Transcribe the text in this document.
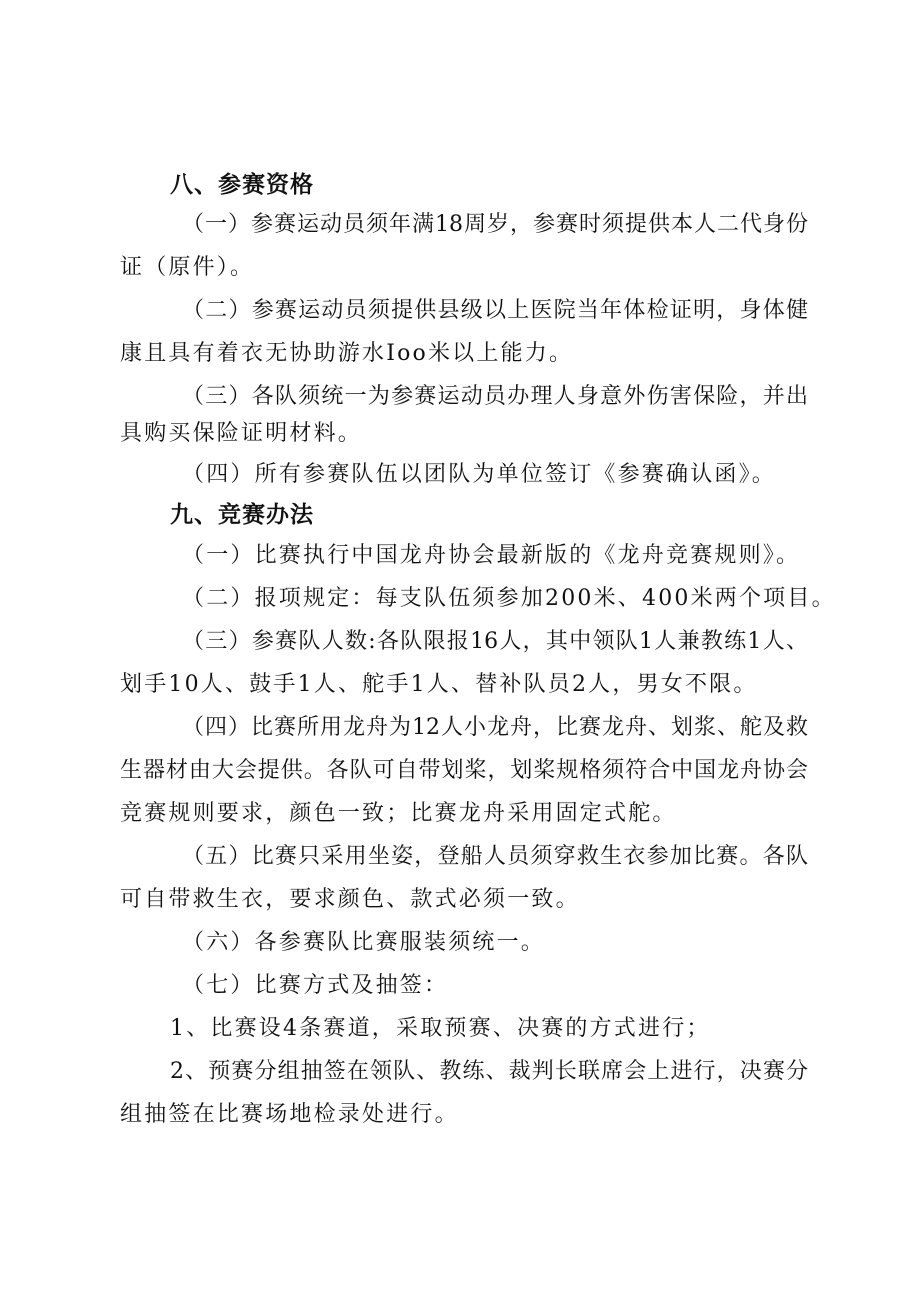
八、参赛资格
（一）参赛运动员须年满18周岁，参赛时须提供本人二代身份
证（原件）。
（二）参赛运动员须提供县级以上医院当年体检证明，身体健
康且具有着衣无协助游水Ioo米以上能力。
（三）各队须统一为参赛运动员办理人身意外伤害保险，并出
具购买保险证明材料。
（四）所有参赛队伍以团队为单位签订《参赛确认函》。
九、竞赛办法
（一）比赛执行中国龙舟协会最新版的《龙舟竞赛规则》。
（二）报项规定：每支队伍须参加200米、400米两个项目。
（三）参赛队人数:各队限报16人，其中领队1人兼教练1人、
划手10人、鼓手1人、舵手1人、替补队员2人，男女不限。
（四）比赛所用龙舟为12人小龙舟，比赛龙舟、划浆、舵及救
生器材由大会提供。各队可自带划桨，划桨规格须符合中国龙舟协会
竞赛规则要求，颜色一致；比赛龙舟采用固定式舵。
（五）比赛只采用坐姿，登船人员须穿救生衣参加比赛。各队
可自带救生衣，要求颜色、款式必须一致。
（六）各参赛队比赛服装须统一。
（七）比赛方式及抽签：
1、比赛设4条赛道，采取预赛、决赛的方式进行；
2、预赛分组抽签在领队、教练、裁判长联席会上进行，决赛分
组抽签在比赛场地检录处进行。
